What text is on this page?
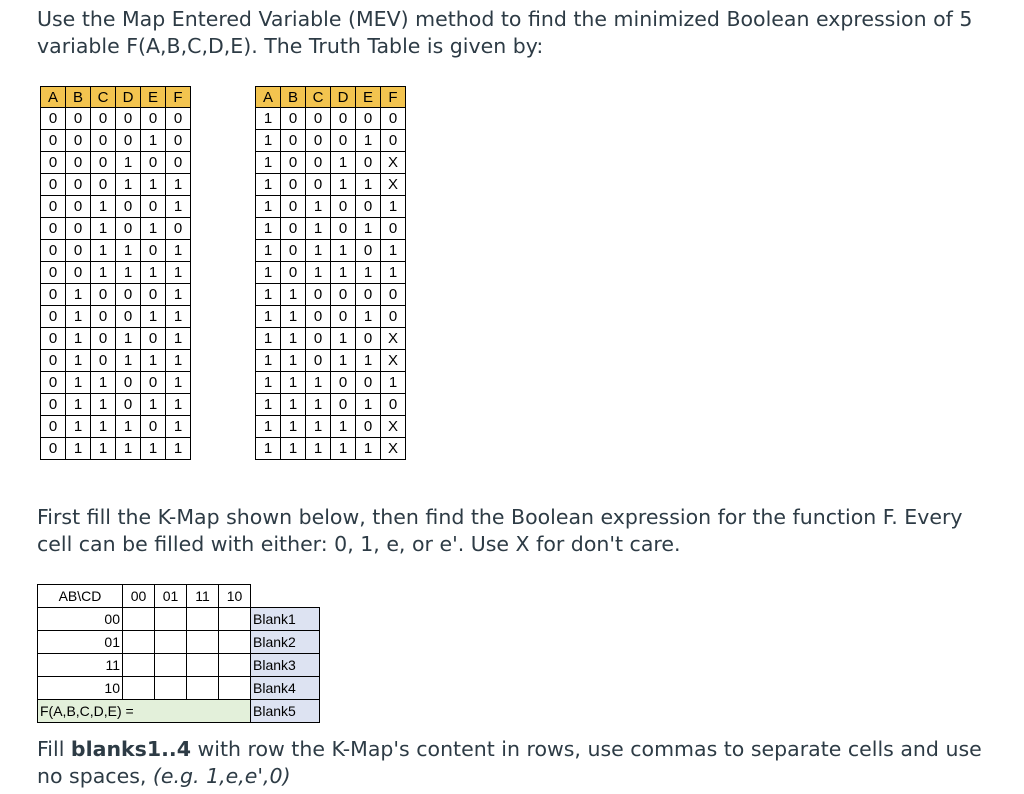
Use the Map Entered Variable (MEV) method to find the minimized Boolean expression of 5 variable F(A,B,C,D,E). The Truth Table is given by:

A	B	C	D	E	F
0	0	0	0	0	0
0	0	0	0	1	0
0	0	0	1	0	0
0	0	0	1	1	1
0	0	1	0	0	1
0	0	1	0	1	0
0	0	1	1	0	1
0	0	1	1	1	1
0	1	0	0	0	1
0	1	0	0	1	1
0	1	0	1	0	1
0	1	0	1	1	1
0	1	1	0	0	1
0	1	1	0	1	1
0	1	1	1	0	1
0	1	1	1	1	1
A	B	C	D	E	F
1	0	0	0	0	0
1	0	0	0	1	0
1	0	0	1	0	X
1	0	0	1	1	X
1	0	1	0	0	1
1	0	1	0	1	0
1	0	1	1	0	1
1	0	1	1	1	1
1	1	0	0	0	0
1	1	0	0	1	0
1	1	0	1	0	X
1	1	0	1	1	X
1	1	1	0	0	1
1	1	1	0	1	0
1	1	1	1	0	X
1	1	1	1	1	X

First fill the K-Map shown below, then find the Boolean expression for the function F. Every cell can be filled with either: 0, 1, e, or e'. Use X for don't care.

AB\CD	00	01	11	10	
00					Blank1
01					Blank2
11					Blank3
10					Blank4
F(A,B,C,D,E) =					Blank5

Fill blanks1..4 with row the K-Map's content in rows, use commas to separate cells and use no spaces, (e.g. 1,e,e',0)
